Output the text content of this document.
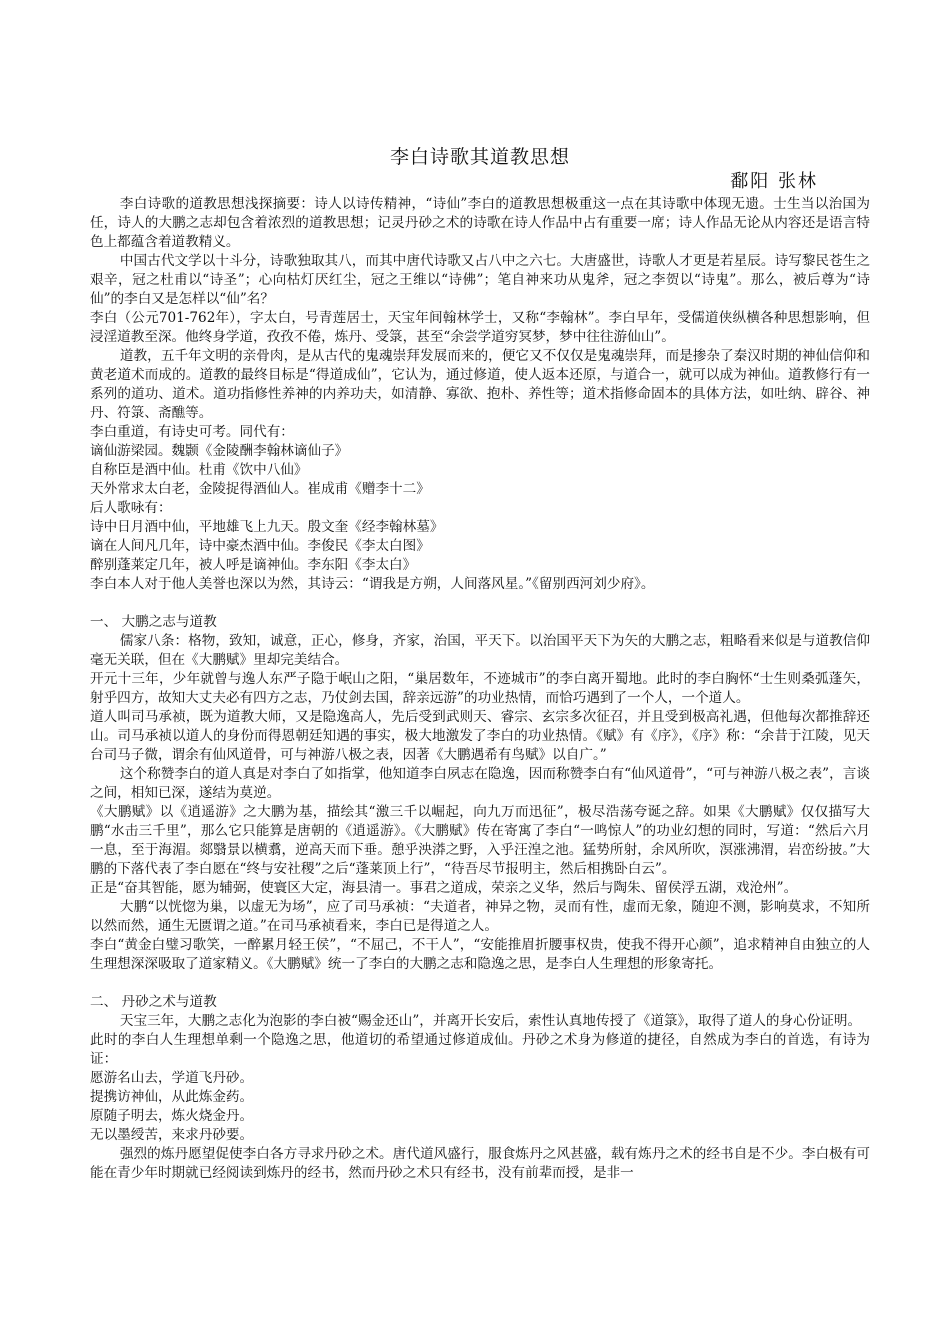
李白诗歌其道教思想
鄱阳 张林

李白诗歌的道教思想浅探摘要：诗人以诗传精神，“诗仙”李白的道教思想极重这一点在其诗歌中体现无遗。士生当以治国为任，诗人的大鹏之志却包含着浓烈的道教思想；记灵丹砂之术的诗歌在诗人作品中占有重要一席；诗人作品无论从内容还是语言特色上都蕴含着道教精义。

中国古代文学以十斗分，诗歌独取其八，而其中唐代诗歌又占八中之六七。大唐盛世，诗歌人才更是若星辰。诗写黎民苍生之艰辛，冠之杜甫以“诗圣”；心向枯灯厌红尘，冠之王维以“诗佛”；笔自神来功从鬼斧，冠之李贺以“诗鬼”。那么，被后尊为“诗仙”的李白又是怎样以“仙”名？

李白（公元701-762年），字太白，号青莲居士，天宝年间翰林学士，又称“李翰林”。李白早年，受儒道侠纵横各种思想影响，但浸淫道教至深。他终身学道，孜孜不倦，炼丹、受箓，甚至“余尝学道穷冥梦，梦中往往游仙山”。

道教，五千年文明的亲骨肉，是从古代的鬼魂崇拜发展而来的，便它又不仅仅是鬼魂崇拜，而是掺杂了秦汉时期的神仙信仰和黄老道术而成的。道教的最终目标是“得道成仙”，它认为，通过修道，使人返本还原，与道合一，就可以成为神仙。道教修行有一系列的道功、道术。道功指修性养神的内养功夫，如清静、寡欲、抱朴、养性等；道术指修命固本的具体方法，如吐纳、辟谷、神丹、符箓、斋醮等。

李白重道，有诗史可考。同代有：

谪仙游梁园。魏颢《金陵酬李翰林谪仙子》

自称臣是酒中仙。杜甫《饮中八仙》

天外常求太白老，金陵捉得酒仙人。崔成甫《赠李十二》

后人歌咏有：

诗中日月酒中仙，平地雄飞上九天。殷文奎《经李翰林墓》

谪在人间凡几年，诗中豪杰酒中仙。李俊民《李太白图》

醉别蓬莱定几年，被人呼是谪神仙。李东阳《李太白》

李白本人对于他人美誉也深以为然，其诗云：“谓我是方朔，人间落风星。”《留别西河刘少府》。

一、 大鹏之志与道教

儒家八条：格物，致知，诚意，正心，修身，齐家，治国，平天下。以治国平天下为矢的大鹏之志，粗略看来似是与道教信仰毫无关联，但在《大鹏赋》里却完美结合。

开元十三年，少年就曾与逸人东严子隐于岷山之阳，“巢居数年，不迹城市”的李白离开蜀地。此时的李白胸怀“士生则桑弧蓬矢，射乎四方，故知大丈夫必有四方之志，乃仗剑去国，辞亲远游”的功业热情，而恰巧遇到了一个人，一个道人。

道人叫司马承祯，既为道教大师，又是隐逸高人，先后受到武则天、睿宗、玄宗多次征召，并且受到极高礼遇，但他每次都推辞还山。司马承祯以道人的身份而得恩朝廷知遇的事实，极大地激发了李白的功业热情。《赋》有《序》，《序》称：“余昔于江陵，见天台司马子微，谓余有仙风道骨，可与神游八极之表，因著《大鹏遇希有鸟赋》以自广。”

这个称赞李白的道人真是对李白了如指掌，他知道李白夙志在隐逸，因而称赞李白有“仙风道骨”，“可与神游八极之表”，言谈之间，相知已深，遂结为莫逆。

《大鹏赋》以《逍遥游》之大鹏为基，描绘其“激三千以崛起，向九万而迅征”，极尽浩荡夸诞之辞。如果《大鹏赋》仅仅描写大鹏“水击三千里”，那么它只能算是唐朝的《逍遥游》。《大鹏赋》传在寄寓了李白“一鸣惊人”的功业幻想的同时，写道：“然后六月一息，至于海湄。郯翳景以横翥，逆高天而下垂。憩乎泱漭之野，入乎汪湟之池。猛势所射，余风所吹，溟涨沸渭，岩峦纷披。”大鹏的下落代表了李白愿在“终与安社稷”之后“蓬莱顶上行”，“待吾尽节报明主，然后相携卧白云”。

正是“奋其智能，愿为辅弼，使寰区大定，海县清一。事君之道成，荣亲之义华，然后与陶朱、留侯浮五湖，戏沧州”。

大鹏“以恍惚为巢，以虚无为场”，应了司马承祯：“夫道者，神异之物，灵而有性，虚而无象，随迎不测，影响莫求，不知所以然而然，通生无匮谓之道。”在司马承祯看来，李白已是得道之人。

李白“黄金白璧习歌笑，一醉累月轻王侯”，“不屈己，不干人”，“安能推眉折腰事权贵，使我不得开心颜”，追求精神自由独立的人生理想深深吸取了道家精义。《大鹏赋》统一了李白的大鹏之志和隐逸之思，是李白人生理想的形象寄托。

二、 丹砂之术与道教

天宝三年，大鹏之志化为泡影的李白被“赐金还山”，并离开长安后，索性认真地传授了《道箓》，取得了道人的身心份证明。

此时的李白人生理想单剩一个隐逸之思，他道切的希望通过修道成仙。丹砂之术身为修道的捷径，自然成为李白的首选，有诗为证：

愿游名山去，学道飞丹砂。

提携访神仙，从此炼金药。

原随子明去，炼火烧金丹。

无以墨绶苦，来求丹砂要。

强烈的炼丹愿望促使李白各方寻求丹砂之术。唐代道风盛行，服食炼丹之风甚盛，载有炼丹之术的经书自是不少。李白极有可能在青少年时期就已经阅读到炼丹的经书，然而丹砂之术只有经书，没有前辈而授，是非一
